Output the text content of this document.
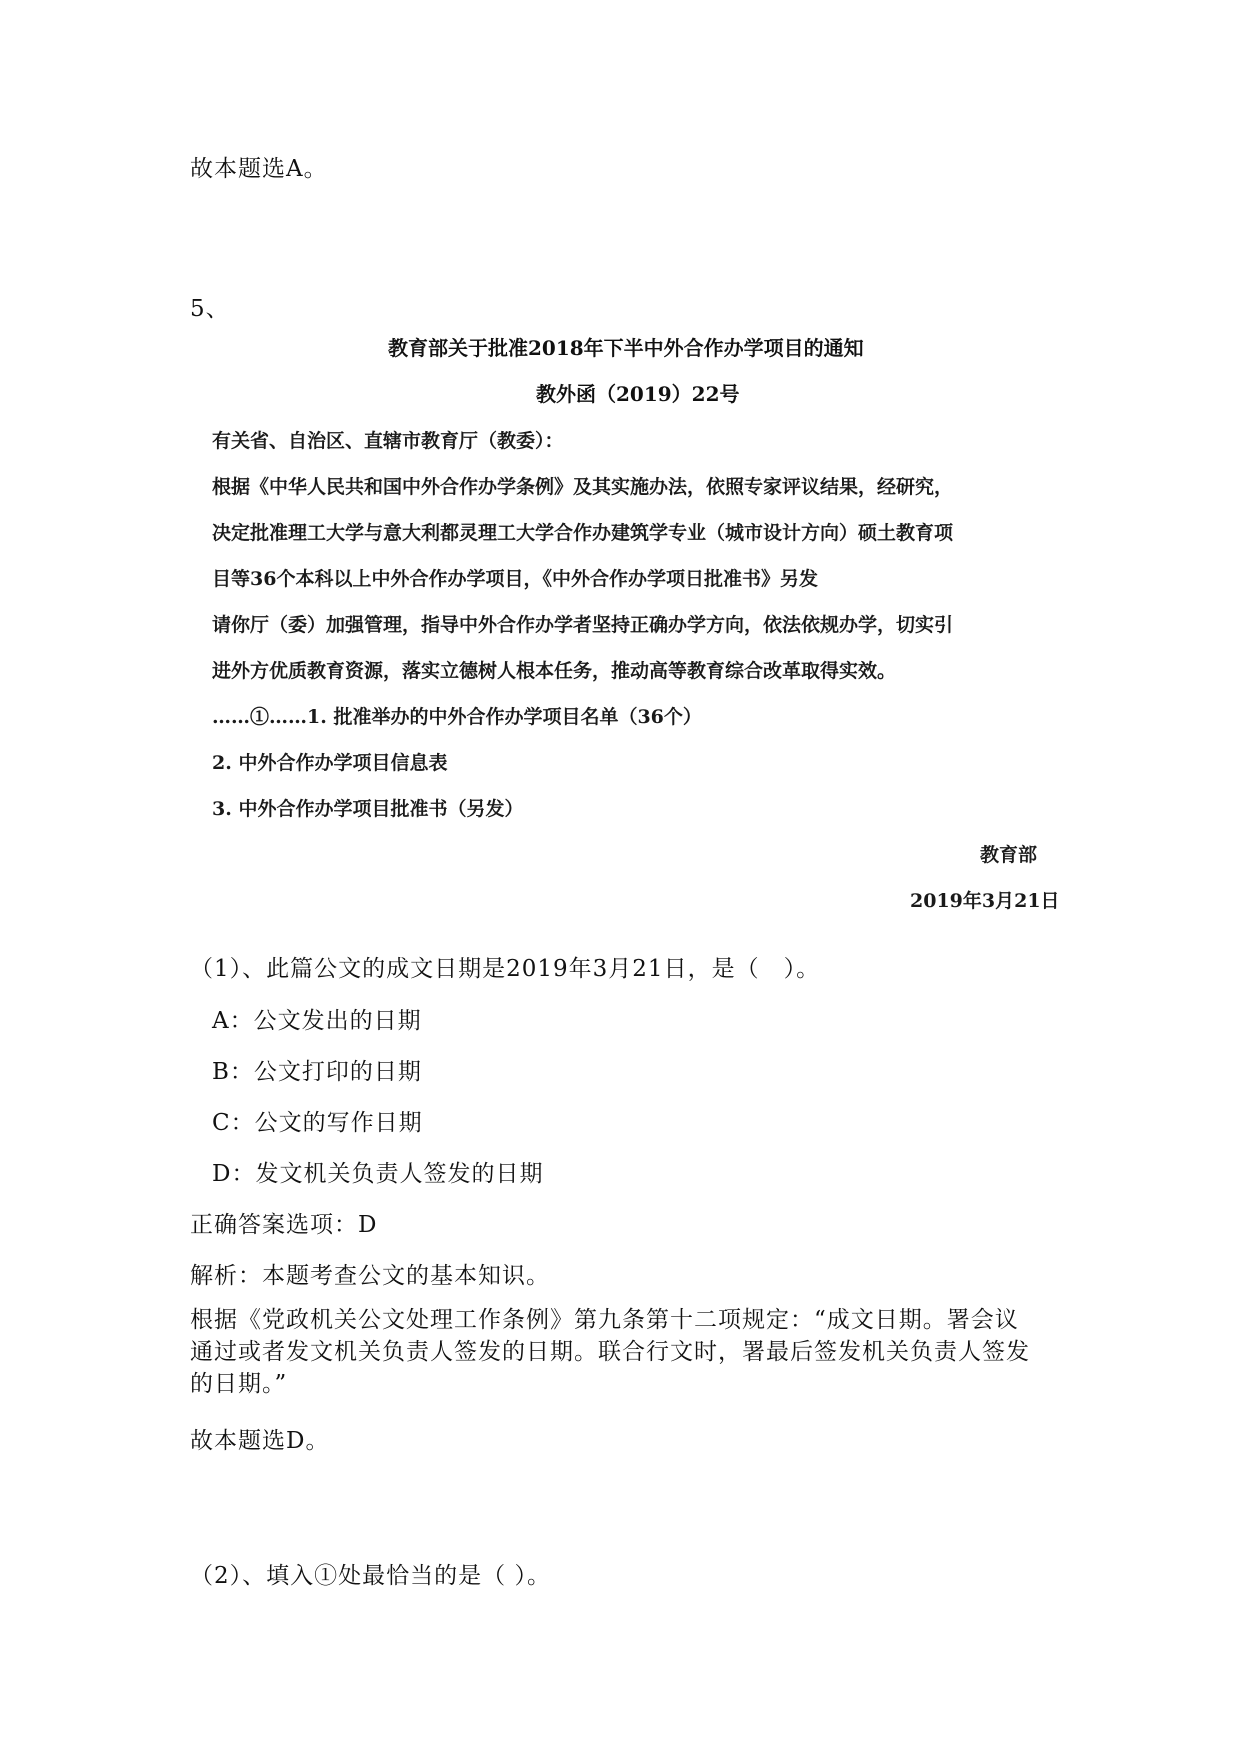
故本题选A。
5、
教育部关于批准2018年下半中外合作办学项目的通知
教外函（2019）22号
有关省、自治区、直辖市教育厅（教委）：
根据《中华人民共和国中外合作办学条例》及其实施办法，依照专家评议结果，经研究，
决定批准理工大学与意大利都灵理工大学合作办建筑学专业（城市设计方向）硕土教育项
目等36个本科以上中外合作办学项目，《中外合作办学项日批准书》另发
请你厅（委）加强管理，指导中外合作办学者坚持正确办学方向，依法依规办学，切实引
进外方优质教育资源，落实立德树人根本任务，推动高等教育综合改革取得实效。
……①……1. 批准举办的中外合作办学项目名单（36个）
2. 中外合作办学项目信息表
3. 中外合作办学项目批准书（另发）
教育部
2019年3月21日
（1）、此篇公文的成文日期是2019年3月21日，是（　）。
A：公文发出的日期
B：公文打印的日期
C：公文的写作日期
D：发文机关负责人签发的日期
正确答案选项：D
解析：本题考查公文的基本知识。
根据《党政机关公文处理工作条例》第九条第十二项规定：“成文日期。署会议通过或者发文机关负责人签发的日期。联合行文时，署最后签发机关负责人签发的日期。”
故本题选D。
（2）、填入①处最恰当的是（ ）。
